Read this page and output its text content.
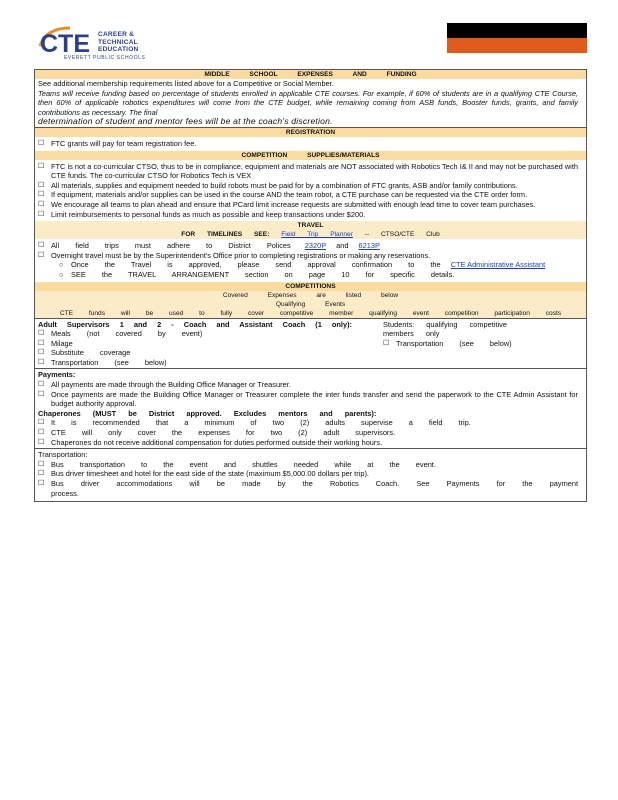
CTE CAREER &
TECHNICAL
EDUCATION
EVERETT PUBLIC SCHOOLS
MIDDLE SCHOOL EXPENSES AND FUNDING
See additional membership requirements listed above for a Competitive or Social Member.
Teams will receive funding based on percentage of students enrolled in applicable CTE courses. For example, if 60% of students are in a qualifying CTE Course, then 60% of applicable robotics expenditures will come from the CTE budget, while remaining coming from ASB funds, Booster funds, grants, and family contributions as necessary. The final
determination of student and mentor fees will be at the coach's discretion.
REGISTRATION
☐ FTC grants will pay for team registration fee.
COMPETITION SUPPLIES/MATERIALS
☐ FTC is not a co-curricular CTSO, thus to be in compliance, equipment and materials are NOT associated with Robotics Tech I& II and may not be purchased with CTE funds. The co-curricular CTSO for Robotics Tech is VEX
☐ All materials, supplies and equipment needed to build robots must be paid for by a combination of FTC grants, ASB and/or family contributions.
☐ If equipment, materials and/or supplies can be used in the course AND the team robot, a CTE purchase can be requested via the CTE order form.
☐ We encourage all teams to plan ahead and ensure that PCard limit increase requests are submitted with enough lead time to cover team purchases.
☐ Limit reimbursements to personal funds as much as possible and keep transactions under $200.
TRAVEL
FOR TIMELINES SEE: Field Trip Planner -- CTSO/CTE Club
☐ All field trips must adhere to District Polices 2320P and 6213P
☐ Overnight travel must be by the Superintendent's Office prior to completing registrations or making any reservations.
○ Once the Travel is approved, please send approval confirmation to the CTE Administrative Assistant
○ SEE the TRAVEL ARRANGEMENT section on page 10 for specific details.
COMPETITIONS
Covered Expenses are listed below
Qualifying Events
CTE funds will be used to fully cover competitive member qualifying event competition participation costs
Adult Supervisors 1 and 2 - Coach and Assistant Coach (1 only):
☐ Meals (not covered by event)
☐ Milage
☐ Substitute coverage
☐ Transportation (see below)
Students: qualifying competitive members only
☐ Transportation (see below)
Payments:
☐ All payments are made through the Building Office Manager or Treasurer.
☐ Once payments are made the Building Office Manager or Treasurer complete the inter funds transfer and send the paperwork to the CTE Admin Assistant for budget authority approval.
Chaperones (MUST be District approved. Excludes mentors and parents):
☐ It is recommended that a minimum of two (2) adults supervise a field trip.
☐ CTE will only cover the expenses for two (2) adult supervisors.
☐ Chaperones do not receive additional compensation for duties performed outside their working hours.
Transportation:
☐ Bus transportation to the event and shuttles needed while at the event.
☐ Bus driver timesheet and hotel for the east side of the state (maximum $5,000.00 dollars per trip).
☐ Bus driver accommodations will be made by the Robotics Coach. See Payments for the payment process.
